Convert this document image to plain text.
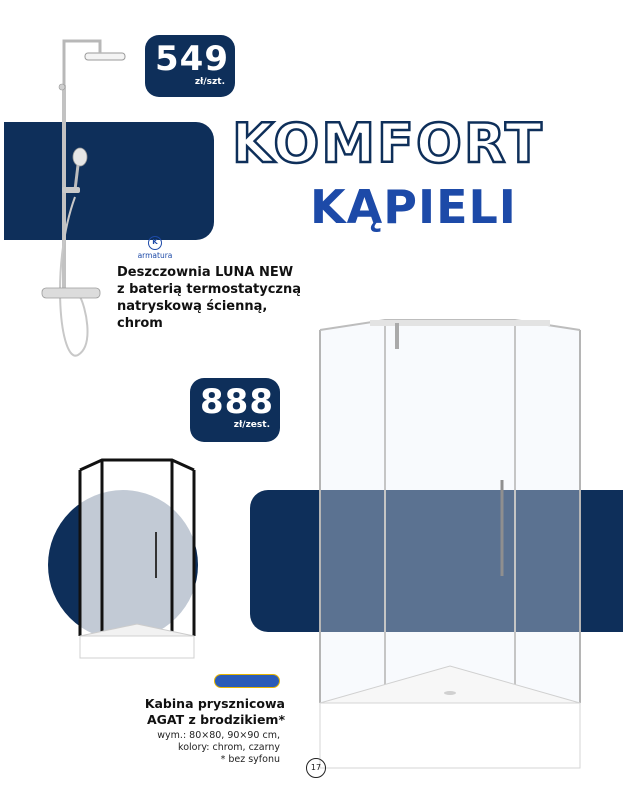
KOMFORT
KĄPIELI
549
zł/szt.
K
armatura
Deszczownia LUNA NEW
z baterią termostatyczną
natryskową ścienną,
chrom
888
zł/zest.
Kabina prysznicowa
AGAT z brodzikiem*
wym.: 80×80, 90×90 cm,
kolory: chrom, czarny
* bez syfonu
17
